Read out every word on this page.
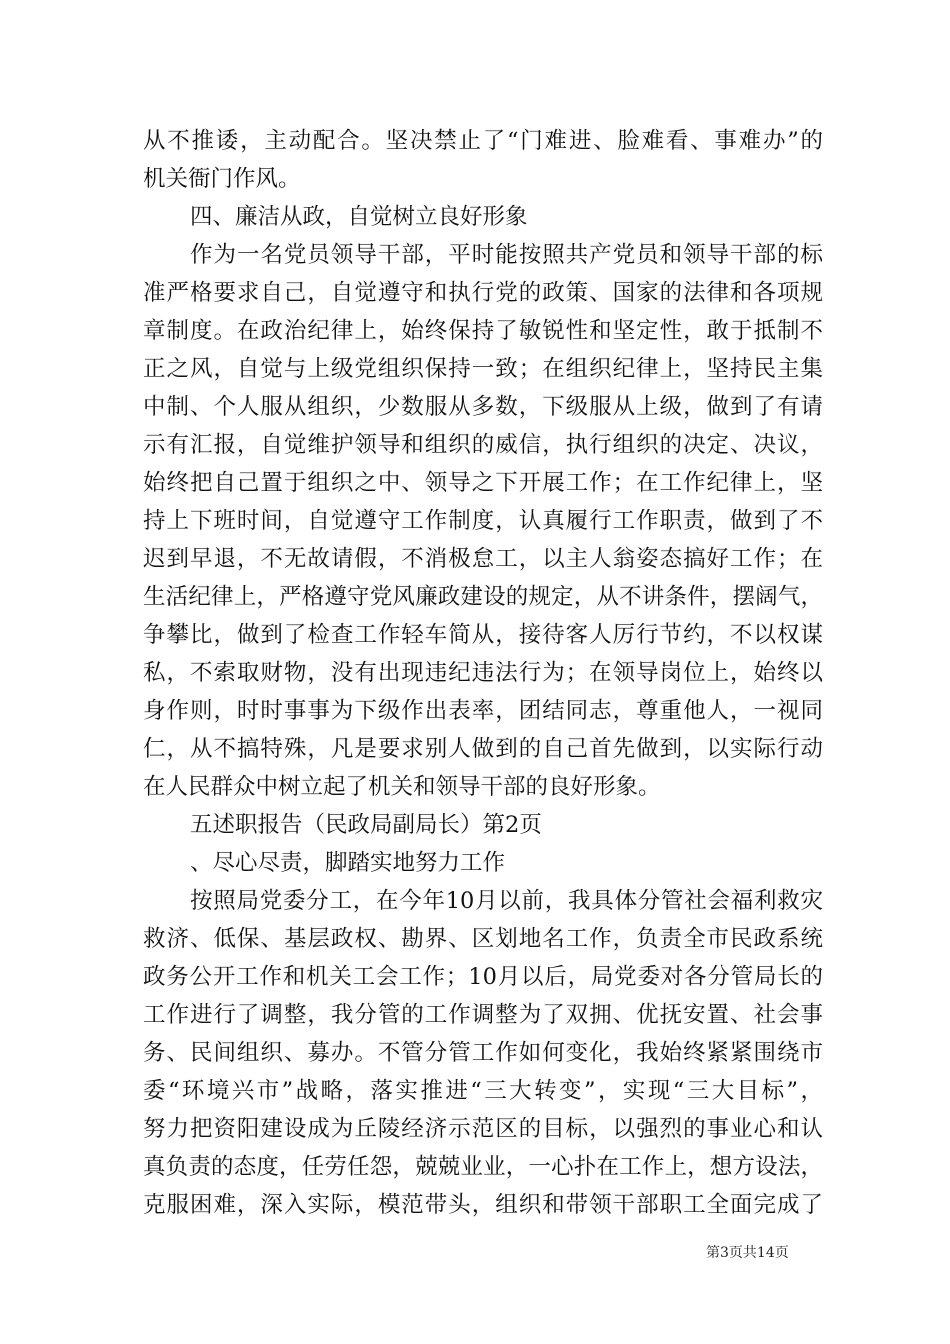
从不推诿，主动配合。坚决禁止了“门难进、脸难看、事难办”的
机关衙门作风。
四、廉洁从政，自觉树立良好形象
作为一名党员领导干部，平时能按照共产党员和领导干部的标
准严格要求自己，自觉遵守和执行党的政策、国家的法律和各项规
章制度。在政治纪律上，始终保持了敏锐性和坚定性，敢于抵制不
正之风，自觉与上级党组织保持一致；在组织纪律上，坚持民主集
中制、个人服从组织，少数服从多数，下级服从上级，做到了有请
示有汇报，自觉维护领导和组织的威信，执行组织的决定、决议，
始终把自己置于组织之中、领导之下开展工作；在工作纪律上，坚
持上下班时间，自觉遵守工作制度，认真履行工作职责，做到了不
迟到早退，不无故请假，不消极怠工，以主人翁姿态搞好工作；在
生活纪律上，严格遵守党风廉政建设的规定，从不讲条件，摆阔气，
争攀比，做到了检查工作轻车简从，接待客人厉行节约，不以权谋
私，不索取财物，没有出现违纪违法行为；在领导岗位上，始终以
身作则，时时事事为下级作出表率，团结同志，尊重他人，一视同
仁，从不搞特殊，凡是要求别人做到的自己首先做到，以实际行动
在人民群众中树立起了机关和领导干部的良好形象。
五述职报告（民政局副局长）第2页
、尽心尽责，脚踏实地努力工作
按照局党委分工，在今年10月以前，我具体分管社会福利救灾
救济、低保、基层政权、勘界、区划地名工作，负责全市民政系统
政务公开工作和机关工会工作；10月以后，局党委对各分管局长的
工作进行了调整，我分管的工作调整为了双拥、优抚安置、社会事
务、民间组织、募办。不管分管工作如何变化，我始终紧紧围绕市
委“环境兴市”战略，落实推进“三大转变”，实现“三大目标”，
努力把资阳建设成为丘陵经济示范区的目标，以强烈的事业心和认
真负责的态度，任劳任怨，兢兢业业，一心扑在工作上，想方设法，
克服困难，深入实际，模范带头，组织和带领干部职工全面完成了
第3页共14页
